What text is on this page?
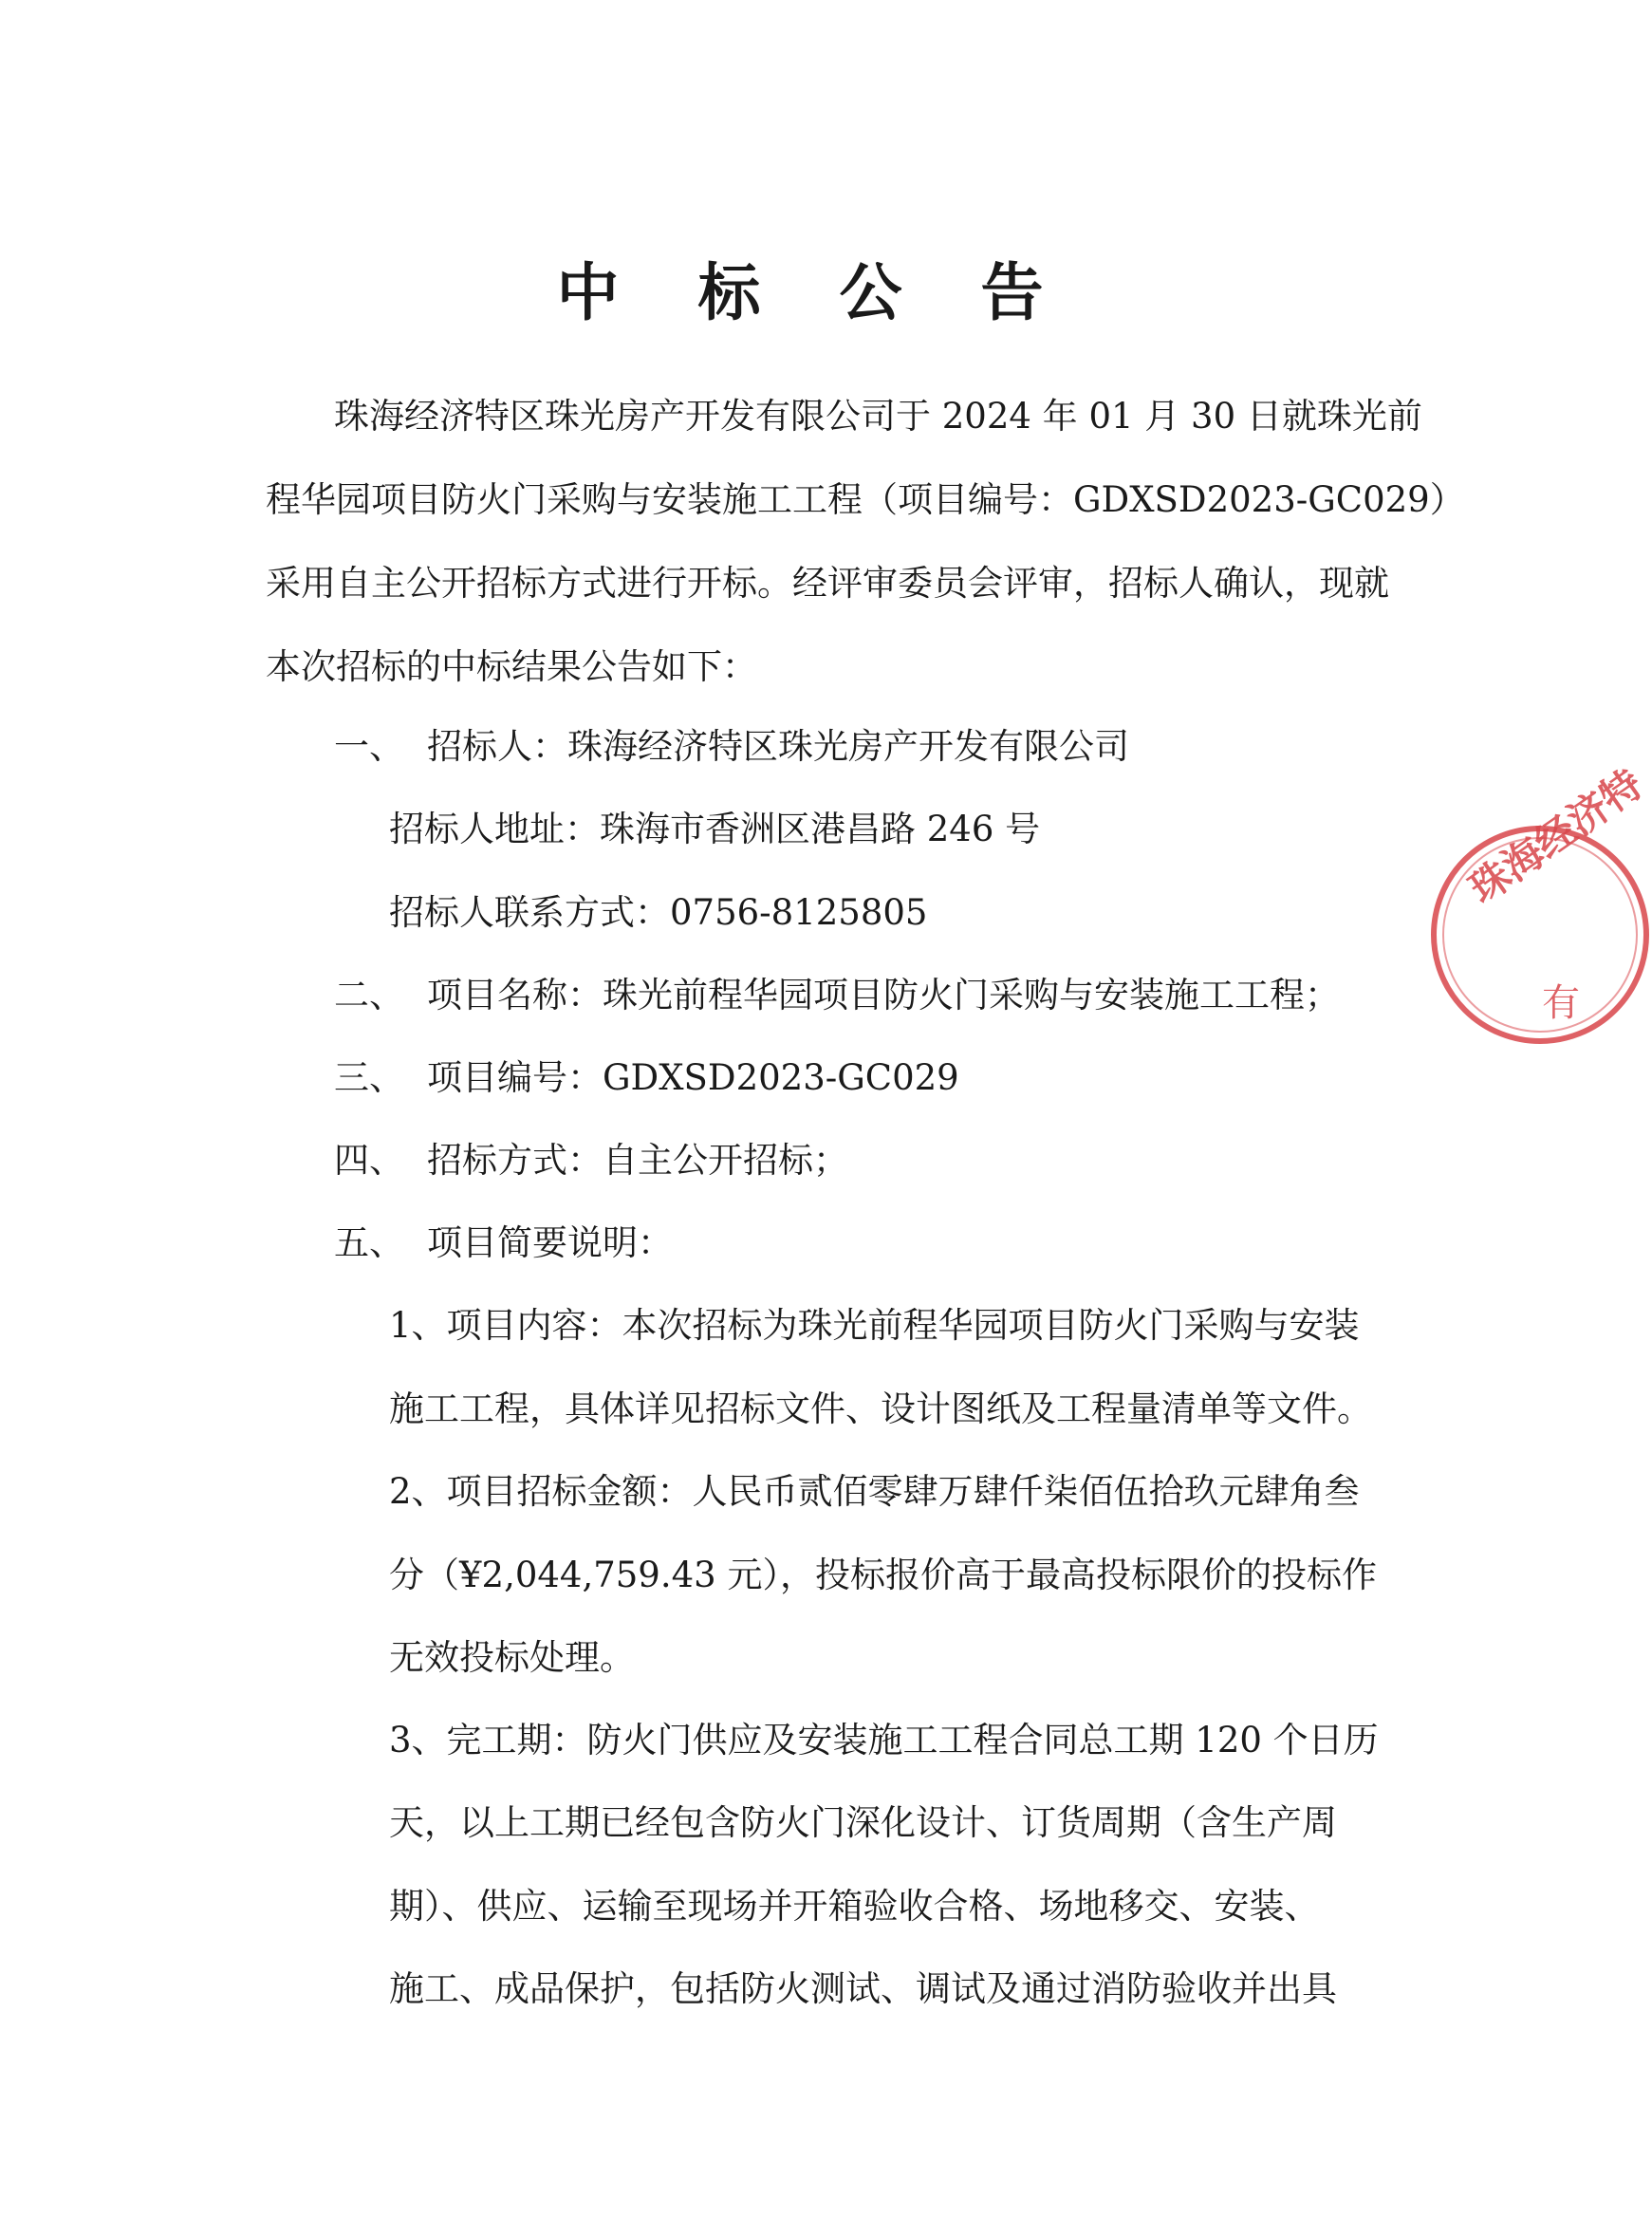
中 标 公 告
珠海经济特区珠光房产开发有限公司于 2024 年 01 月 30 日就珠光前
程华园项目防火门采购与安装施工工程（项目编号：GDXSD2023-GC029）
采用自主公开招标方式进行开标。经评审委员会评审，招标人确认，现就
本次招标的中标结果公告如下：
一、 招标人：珠海经济特区珠光房产开发有限公司
招标人地址：珠海市香洲区港昌路 246 号
招标人联系方式：0756-8125805
二、 项目名称：珠光前程华园项目防火门采购与安装施工工程；
三、 项目编号：GDXSD2023-GC029
四、 招标方式：自主公开招标；
五、 项目简要说明：
1、项目内容：本次招标为珠光前程华园项目防火门采购与安装
施工工程，具体详见招标文件、设计图纸及工程量清单等文件。
2、项目招标金额：人民币贰佰零肆万肆仟柒佰伍拾玖元肆角叁
分（¥2,044,759.43 元），投标报价高于最高投标限价的投标作
无效投标处理。
3、完工期：防火门供应及安装施工工程合同总工期 120 个日历
天，以上工期已经包含防火门深化设计、订货周期（含生产周
期）、供应、运输至现场并开箱验收合格、场地移交、安装、
施工、成品保护，包括防火测试、调试及通过消防验收并出具
珠海经济特
有
